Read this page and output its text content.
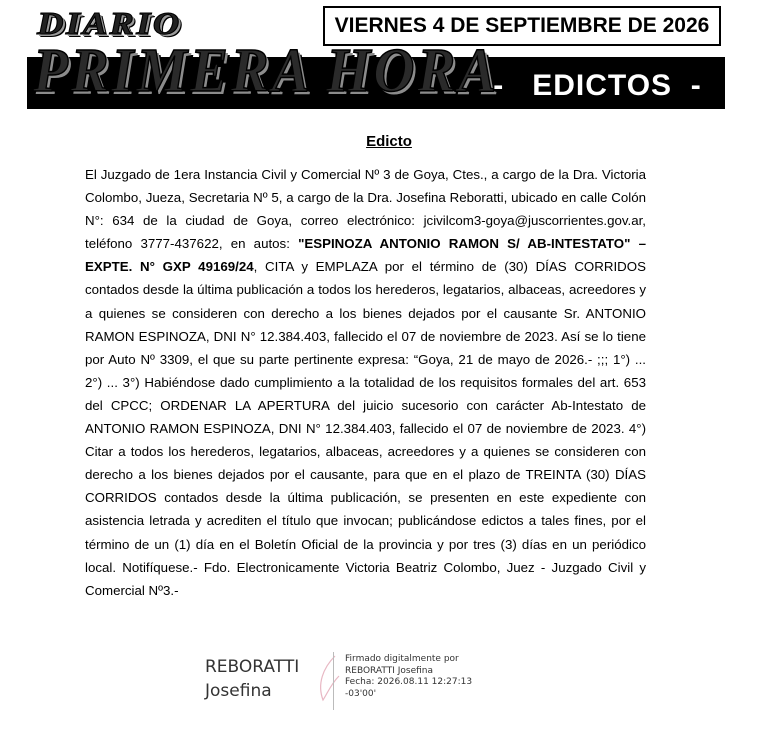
DIARIO
PRIMERA HORA
VIERNES 4 DE SEPTIEMBRE DE 2026
-   EDICTOS  -
Edicto

El Juzgado de 1era Instancia Civil y Comercial Nº 3 de Goya, Ctes., a cargo de la Dra. Victoria Colombo, Jueza, Secretaria Nº 5, a cargo de la Dra. Josefina Reboratti, ubicado en calle Colón N°: 634 de la ciudad de Goya, correo electrónico: jcivilcom3-goya@juscorrientes.gov.ar, teléfono 3777-437622, en autos: "ESPINOZA ANTONIO RAMON S/ AB-INTESTATO" – EXPTE. N° GXP 49169/24, CITA y EMPLAZA por el término de (30) DÍAS CORRIDOS contados desde la última publicación a todos los herederos, legatarios, albaceas, acreedores y a quienes se consideren con derecho a los bienes dejados por el causante Sr. ANTONIO RAMON ESPINOZA, DNI N° 12.384.403, fallecido el 07 de noviembre de 2023. Así se lo tiene por Auto Nº 3309, el que su parte pertinente expresa: “Goya, 21 de mayo de 2026.- ;;; 1°) ... 2°) ... 3°) Habiéndose dado cumplimiento a la totalidad de los requisitos formales del art. 653 del CPCC; ORDENAR LA APERTURA del juicio sucesorio con carácter Ab-Intestato de ANTONIO RAMON ESPINOZA, DNI N° 12.384.403, fallecido el 07 de noviembre de 2023. 4°) Citar a todos los herederos, legatarios, albaceas, acreedores y a quienes se consideren con derecho a los bienes dejados por el causante, para que en el plazo de TREINTA (30) DÍAS CORRIDOS contados desde la última publicación, se presenten en este expediente con asistencia letrada y acrediten el título que invocan; publicándose edictos a tales fines, por el término de un (1) día en el Boletín Oficial de la provincia y por tres (3) días en un periódico local. Notifíquese.- Fdo. Electronicamente Victoria Beatriz Colombo, Juez - Juzgado Civil y Comercial Nº3.-

REBORATTI
Josefina
Firmado digitalmente por
REBORATTI Josefina
Fecha: 2026.08.11 12:27:13
-03'00'
